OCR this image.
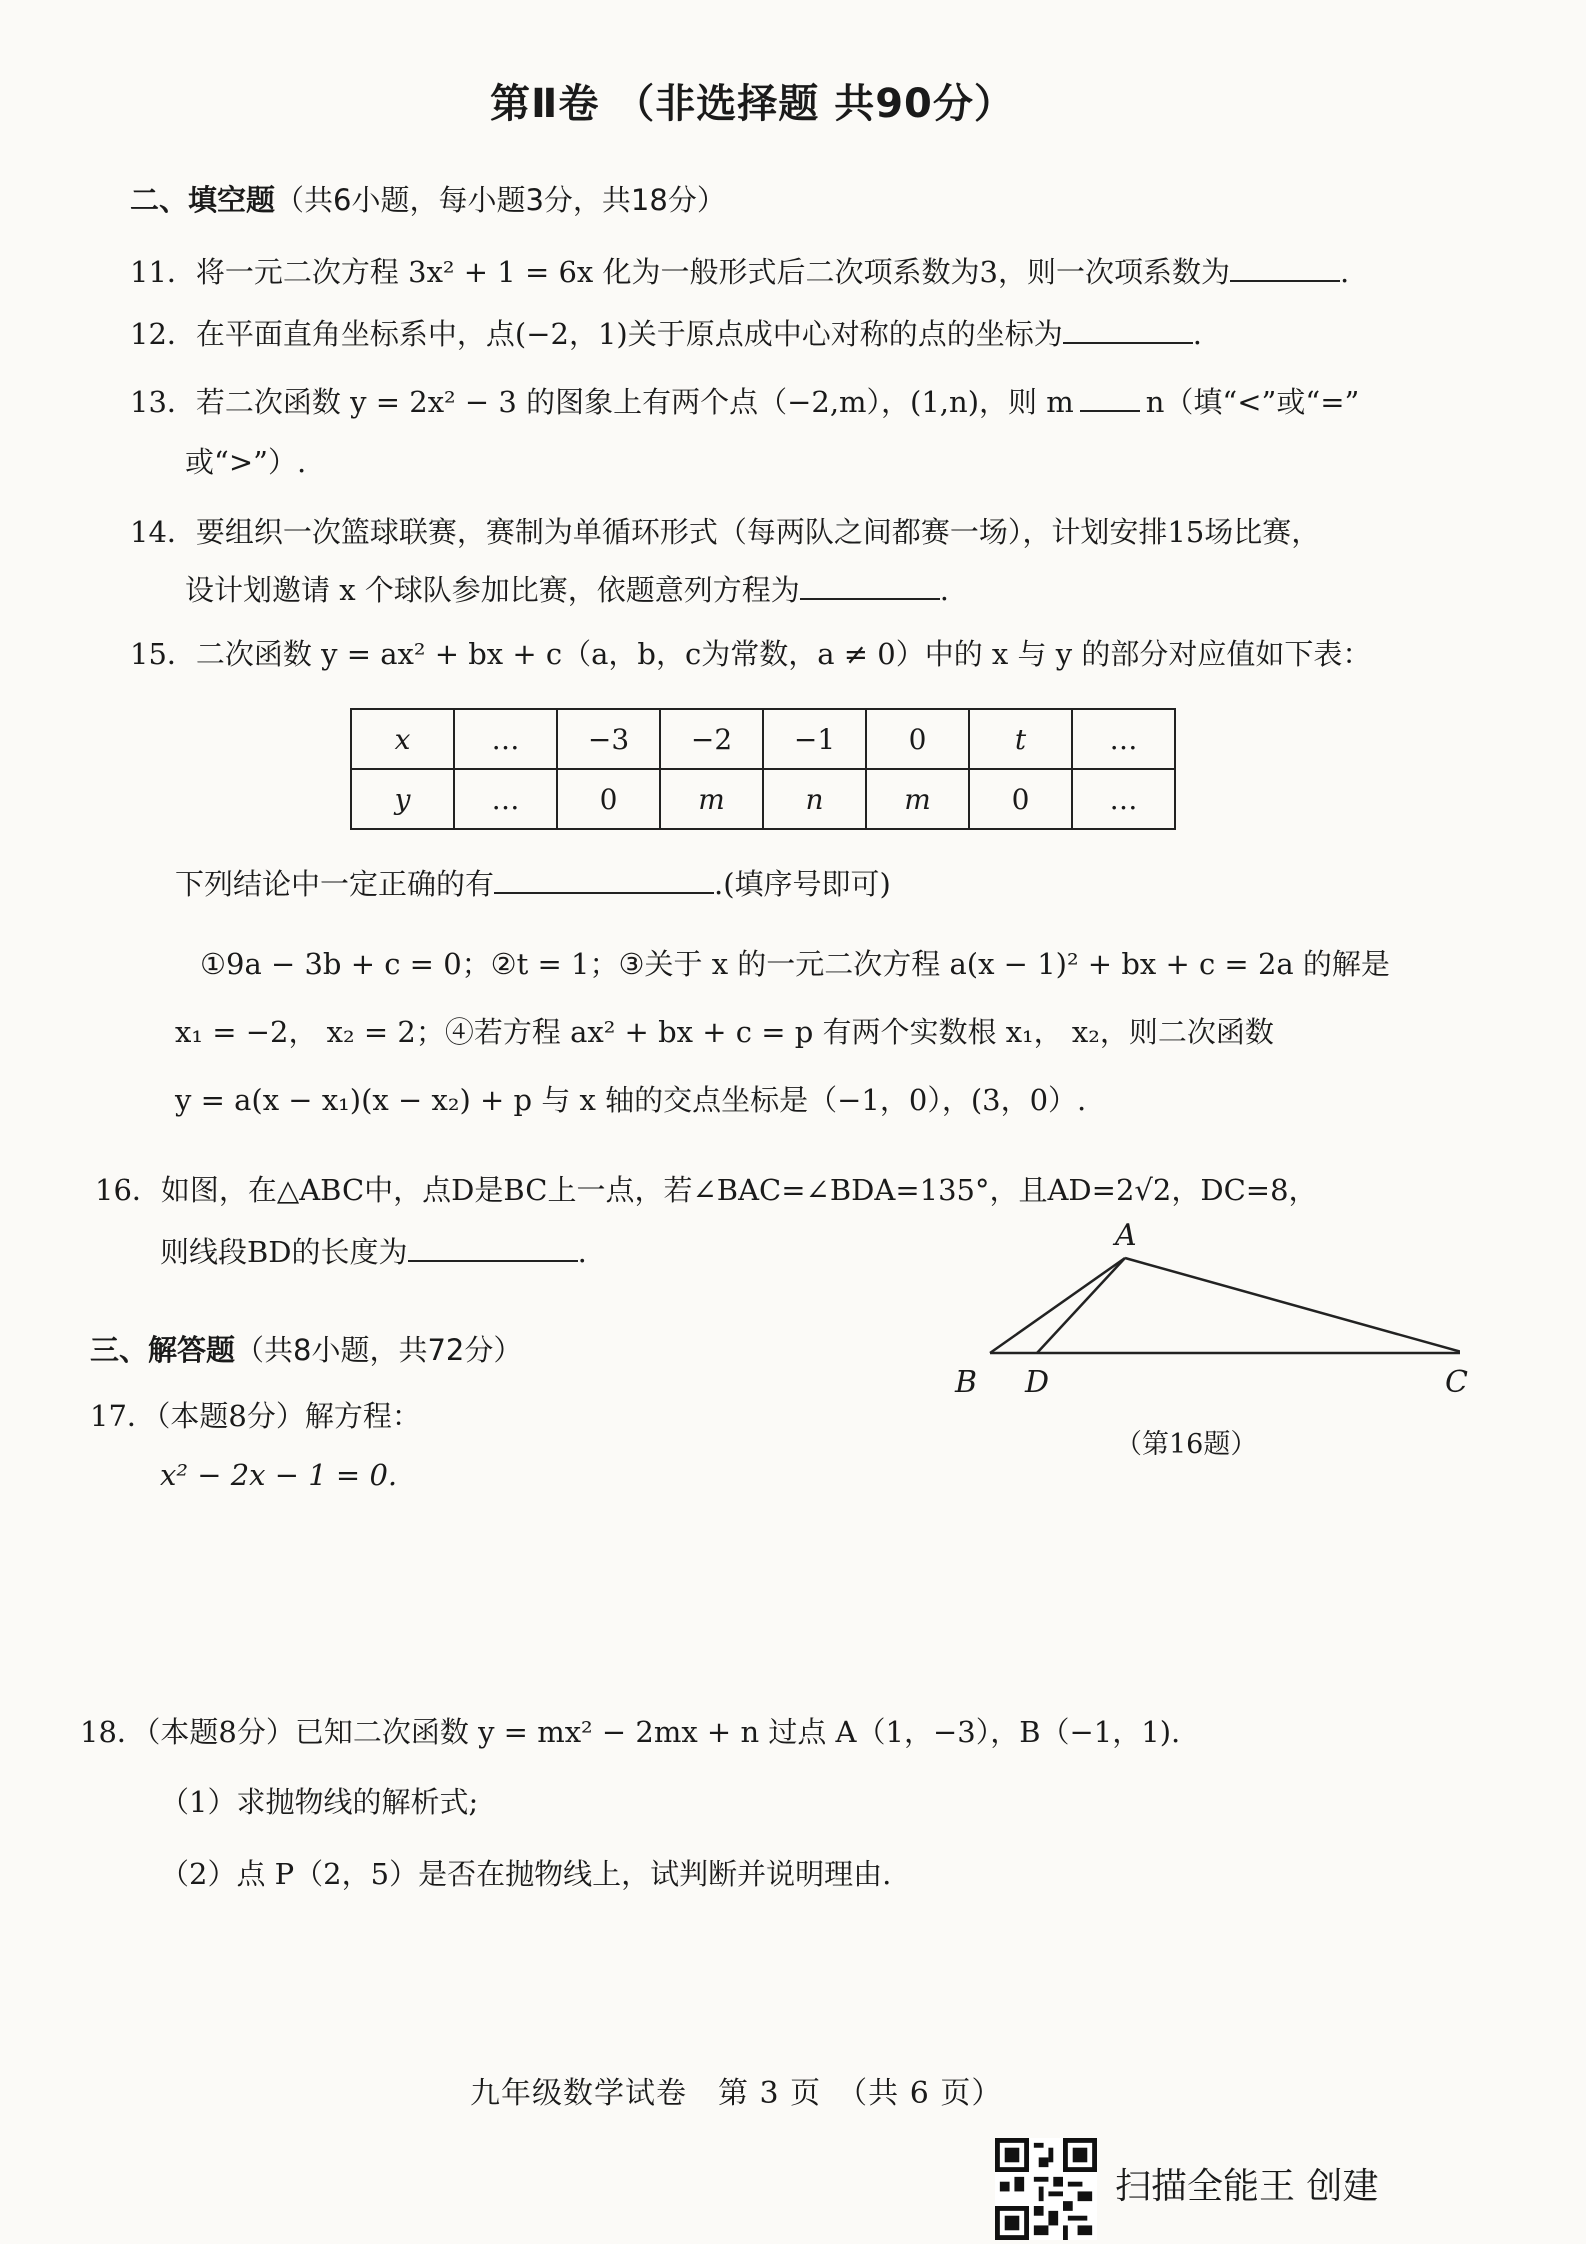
第Ⅱ卷 （非选择题 共90分）
二、填空题（共6小题，每小题3分，共18分）
11．将一元二次方程 3x² + 1 = 6x 化为一般形式后二次项系数为3，则一次项系数为	.
12．在平面直角坐标系中，点(−2，1)关于原点成中心对称的点的坐标为	.
13．若二次函数 y = 2x² − 3 的图象上有两个点（−2,m），(1,n)，则 m n（填“<”或“=”
或“>”）.
14．要组织一次篮球联赛，赛制为单循环形式（每两队之间都赛一场），计划安排15场比赛，
设计划邀请 x 个球队参加比赛，依题意列方程为	.
15．二次函数 y = ax² + bx + c（a，b，c为常数，a ≠ 0）中的 x 与 y 的部分对应值如下表：
x	…	−3	−2	−1	0	t	…
y	…	0	m	n	m	0	…
下列结论中一定正确的有	.(填序号即可)
①9a − 3b + c = 0；②t = 1；③关于 x 的一元二次方程 a(x − 1)² + bx + c = 2a 的解是
x₁ = −2， x₂ = 2；④若方程 ax² + bx + c = p 有两个实数根 x₁， x₂，则二次函数
y = a(x − x₁)(x − x₂) + p 与 x 轴的交点坐标是（−1，0），(3，0）.
16．如图，在△ABC中，点D是BC上一点，若∠BAC=∠BDA=135°，且AD=2√2，DC=8，
则线段BD的长度为	.	A
B D	C
（第16题）
三、解答题（共8小题，共72分）
17．（本题8分）解方程：
x² − 2x − 1 = 0.
18．（本题8分）已知二次函数 y = mx² − 2mx + n 过点 A（1，−3），B（−1，1).
（1）求抛物线的解析式;
（2）点 P（2，5）是否在抛物线上，试判断并说明理由.
九年级数学试卷　第 3 页　（共 6 页）
扫描全能王 创建
